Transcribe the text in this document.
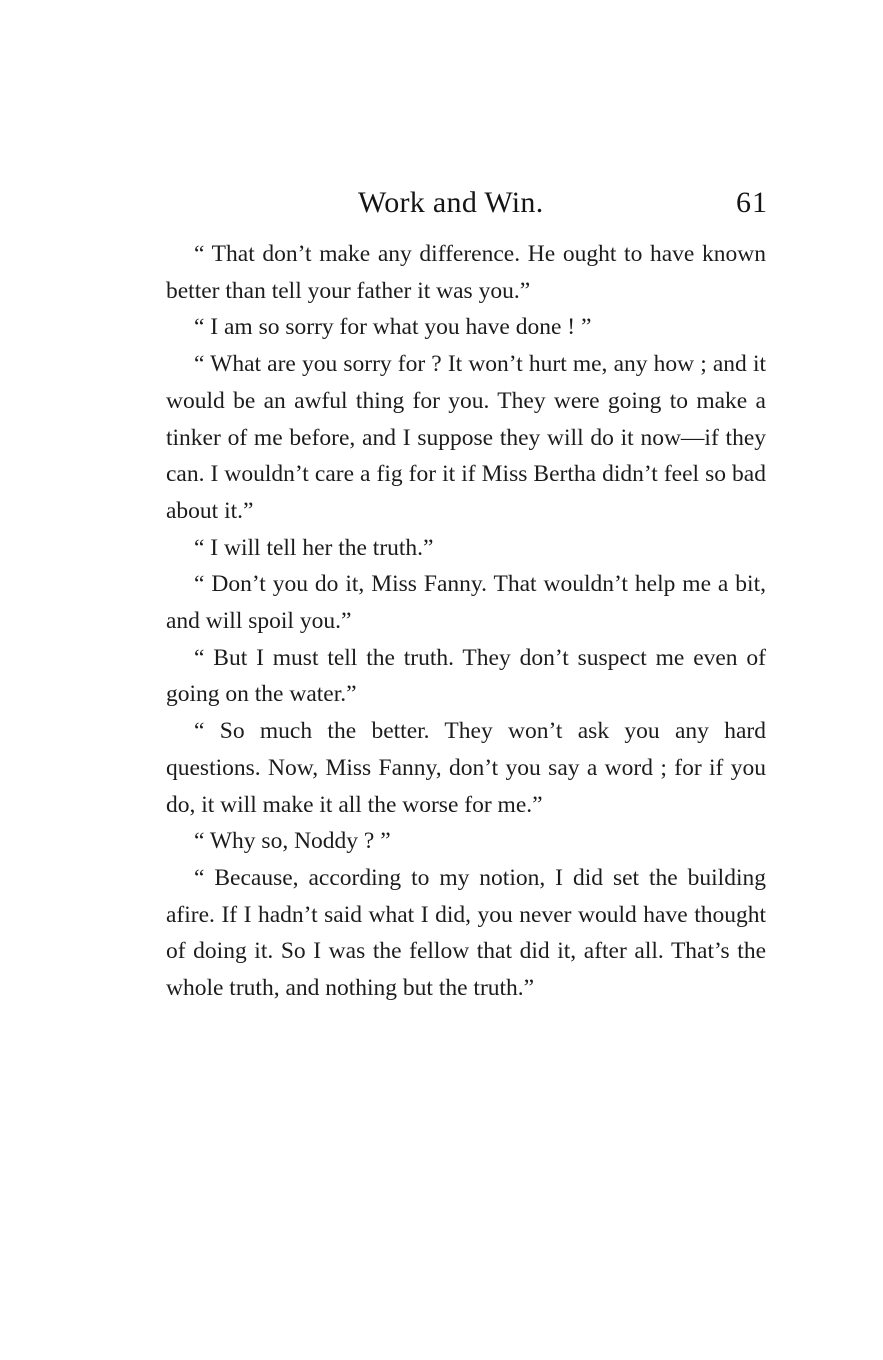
Work and Win.	61

“ That don’t make any difference. He ought to have known better than tell your father it was you.”

“ I am so sorry for what you have done ! ”

“ What are you sorry for ? It won’t hurt me, any how ; and it would be an awful thing for you. They were going to make a tinker of me before, and I suppose they will do it now—if they can. I wouldn’t care a fig for it if Miss Bertha didn’t feel so bad about it.”

“ I will tell her the truth.”

“ Don’t you do it, Miss Fanny. That wouldn’t help me a bit, and will spoil you.”

“ But I must tell the truth. They don’t suspect me even of going on the water.”

“ So much the better. They won’t ask you any hard questions. Now, Miss Fanny, don’t you say a word ; for if you do, it will make it all the worse for me.”

“ Why so, Noddy ? ”

“ Because, according to my notion, I did set the building afire. If I hadn’t said what I did, you never would have thought of doing it. So I was the fellow that did it, after all. That’s the whole truth, and nothing but the truth.”
